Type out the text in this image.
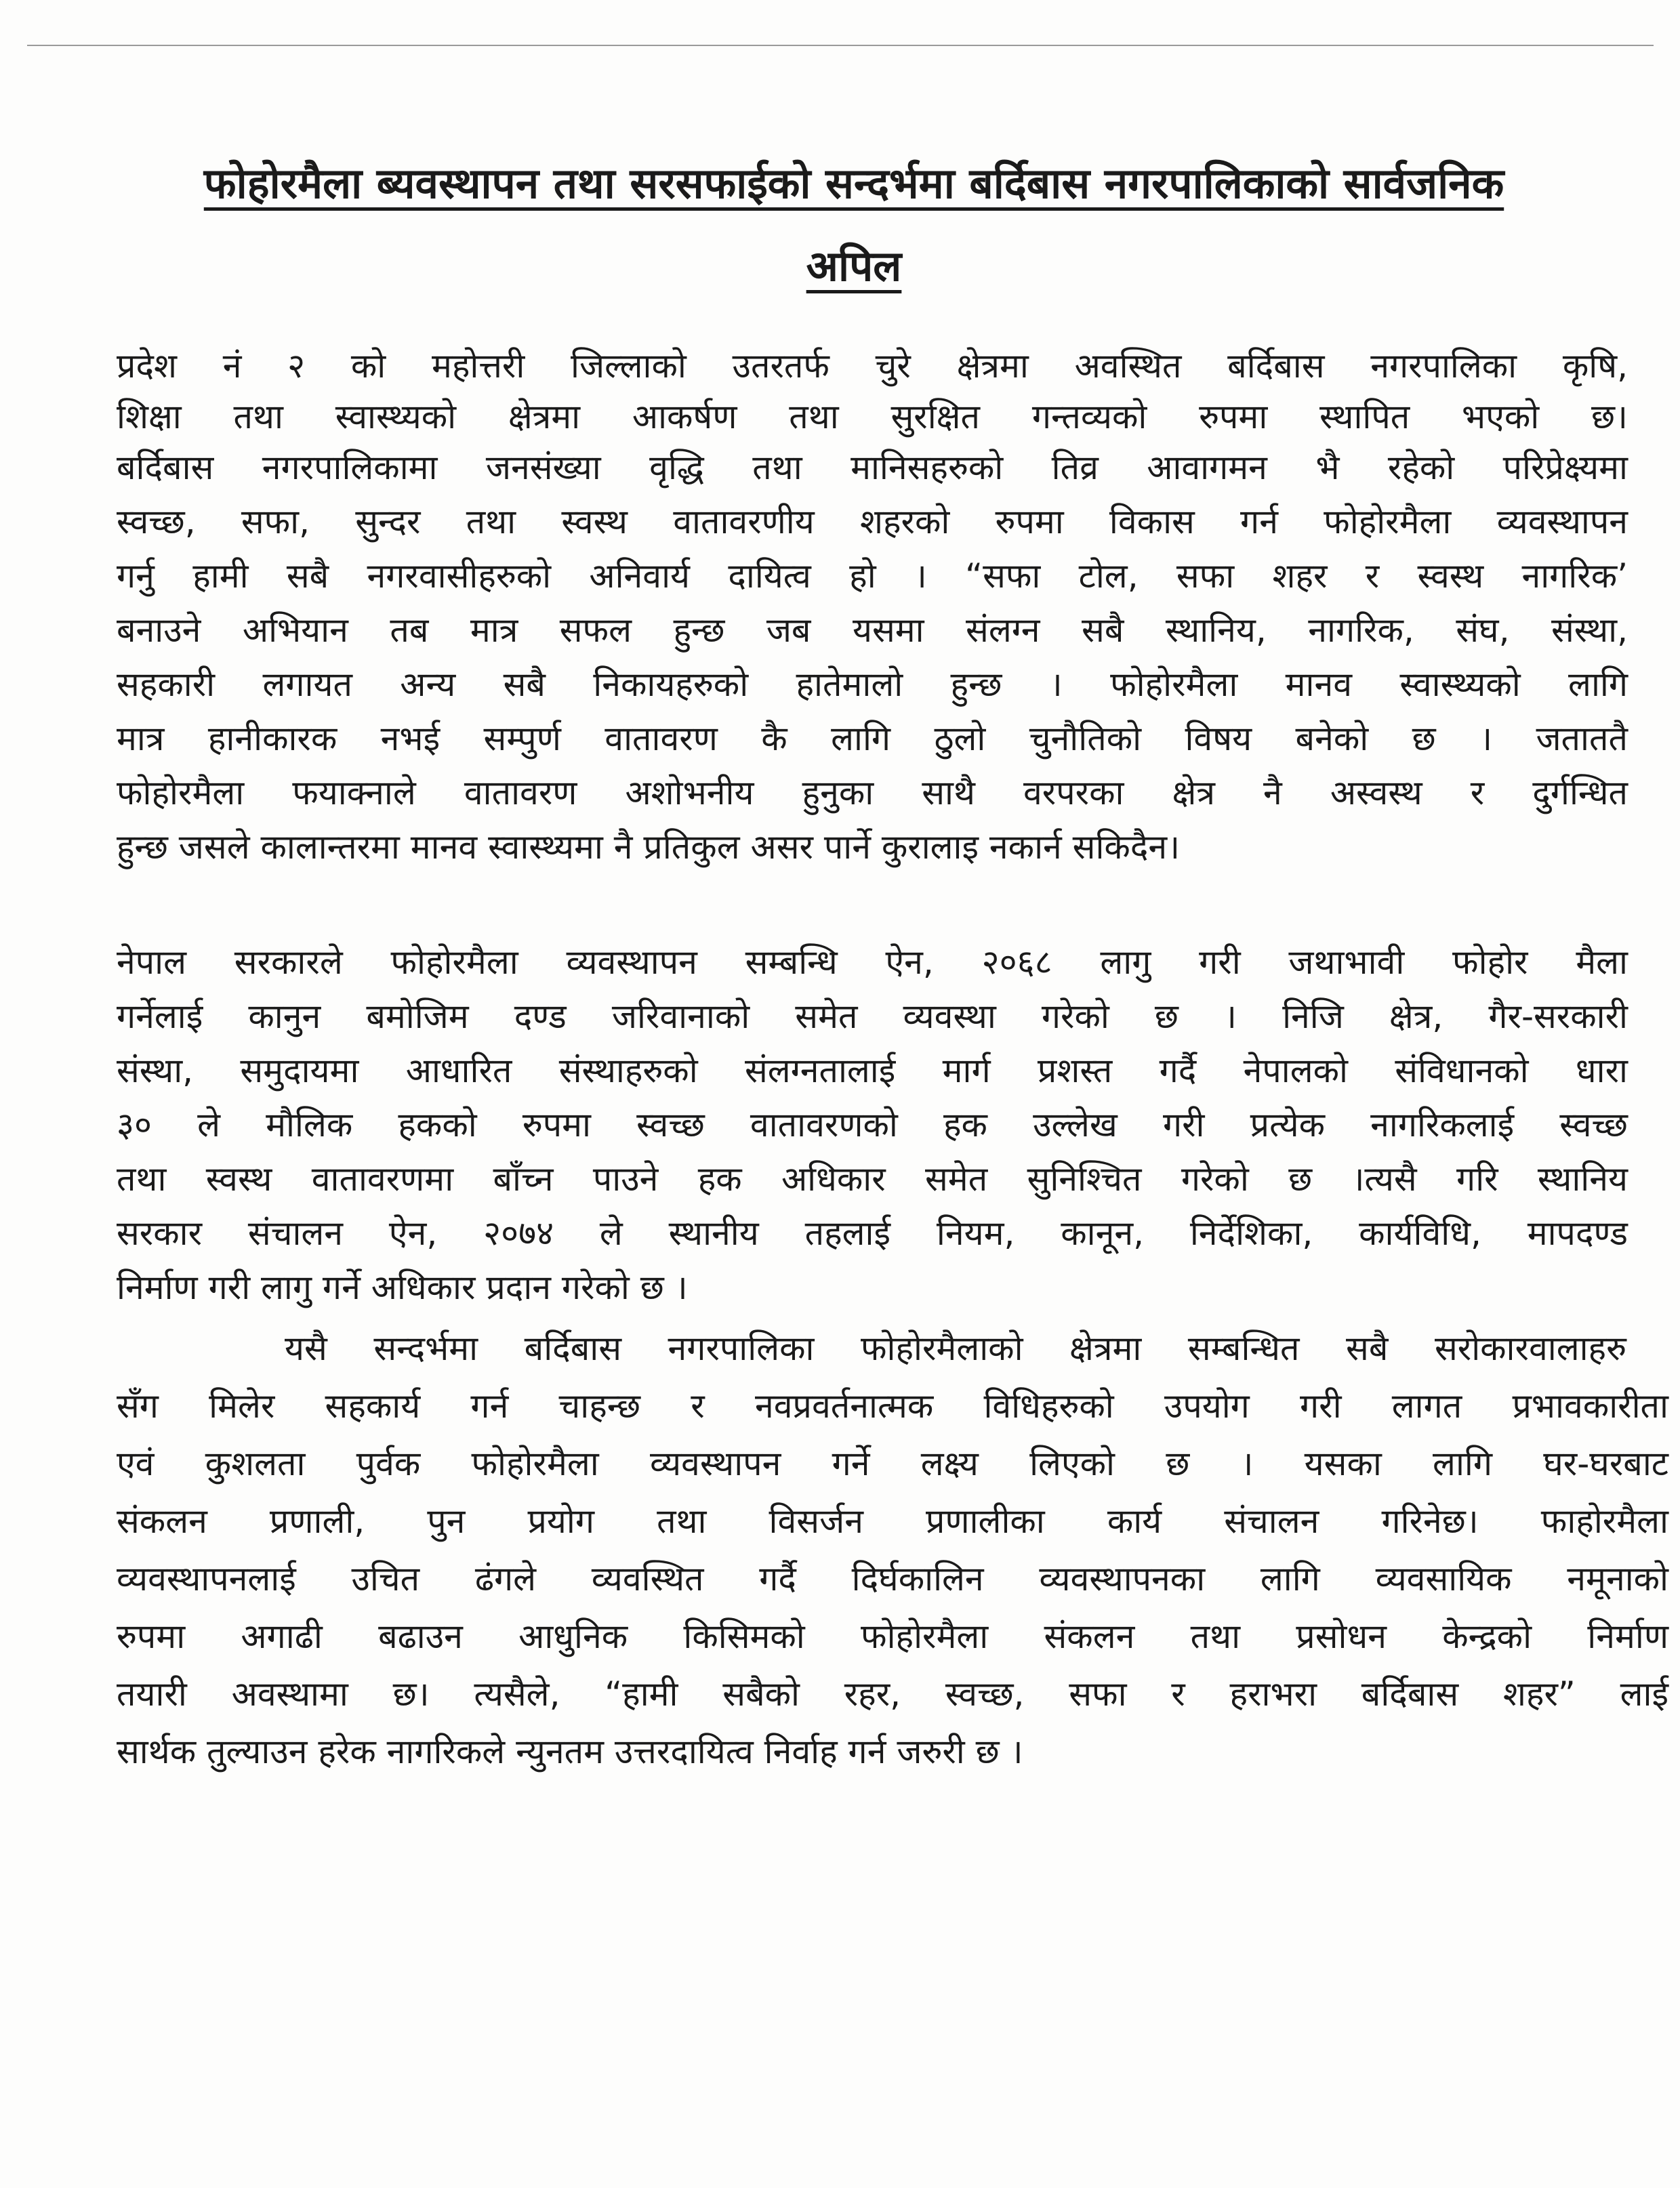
फोहोरमैला ब्यवस्थापन तथा सरसफाईको सन्दर्भमा बर्दिबास नगरपालिकाको सार्वजनिक
अपिल
प्रदेश नं २ को महोत्तरी जिल्लाको उतरतर्फ चुरे क्षेत्रमा अवस्थित बर्दिबास नगरपालिका कृषि,
शिक्षा तथा स्वास्थ्यको क्षेत्रमा आकर्षण तथा सुरक्षित गन्तव्यको रुपमा स्थापित भएको छ।
बर्दिबास नगरपालिकामा जनसंख्या वृद्धि तथा मानिसहरुको तिव्र आवागमन भै रहेको परिप्रेक्ष्यमा
स्वच्छ, सफा, सुन्दर तथा स्वस्थ वातावरणीय शहरको रुपमा विकास गर्न फोहोरमैला व्यवस्थापन
गर्नु हामी सबै नगरवासीहरुको अनिवार्य दायित्व हो । “सफा टोल, सफा शहर र स्वस्थ नागरिक’
बनाउने अभियान तब मात्र सफल हुन्छ जब यसमा संलग्न सबै स्थानिय, नागरिक, संघ, संस्था,
सहकारी लगायत अन्य सबै निकायहरुको हातेमालो हुन्छ । फोहोरमैला मानव स्वास्थ्यको लागि
मात्र हानीकारक नभई सम्पुर्ण वातावरण कै लागि ठुलो चुनौतिको विषय बनेको छ । जताततै
फोहोरमैला फयाक्नाले वातावरण अशोभनीय हुनुका साथै वरपरका क्षेत्र नै अस्वस्थ र दुर्गन्धित
हुन्छ जसले कालान्तरमा मानव स्वास्थ्यमा नै प्रतिकुल असर पार्ने कुरालाइ नकार्न सकिदैन।
नेपाल सरकारले फोहोरमैला व्यवस्थापन सम्बन्धि ऐन, २०६८ लागु गरी जथाभावी फोहोर मैला
गर्नेलाई कानुन बमोजिम दण्ड जरिवानाको समेत व्यवस्था गरेको छ । निजि क्षेत्र, गैर-सरकारी
संस्था, समुदायमा आधारित संस्थाहरुको संलग्नतालाई मार्ग प्रशस्त गर्दै नेपालको संविधानको धारा
३० ले मौलिक हकको रुपमा स्वच्छ वातावरणको हक उल्लेख गरी प्रत्येक नागरिकलाई स्वच्छ
तथा स्वस्थ वातावरणमा बाँच्न पाउने हक अधिकार समेत सुनिश्चित गरेको छ ।त्यसै गरि स्थानिय
सरकार संचालन ऐन, २०७४ ले स्थानीय तहलाई नियम, कानून, निर्देशिका, कार्यविधि, मापदण्ड
निर्माण गरी लागु गर्ने अधिकार प्रदान गरेको छ ।
यसै सन्दर्भमा बर्दिबास नगरपालिका फोहोरमैलाको क्षेत्रमा सम्बन्धित सबै सरोकारवालाहरु
सँग मिलेर सहकार्य गर्न चाहन्छ र नवप्रवर्तनात्मक विधिहरुको उपयोग गरी लागत प्रभावकारीता
एवं कुशलता पुर्वक फोहोरमैला व्यवस्थापन गर्ने लक्ष्य लिएको छ । यसका लागि घर-घरबाट
संकलन प्रणाली, पुन प्रयोग तथा विसर्जन प्रणालीका कार्य संचालन गरिनेछ। फाहोरमैला
व्यवस्थापनलाई उचित ढंगले व्यवस्थित गर्दै दिर्घकालिन व्यवस्थापनका लागि व्यवसायिक नमूनाको
रुपमा अगाढी बढाउन आधुनिक किसिमको फोहोरमैला संकलन तथा प्रसोधन केन्द्रको निर्माण
तयारी अवस्थामा छ। त्यसैले, “हामी सबैको रहर, स्वच्छ, सफा र हराभरा बर्दिबास शहर” लाई
सार्थक तुल्याउन हरेक नागरिकले न्युनतम उत्तरदायित्व निर्वाह गर्न जरुरी छ ।
